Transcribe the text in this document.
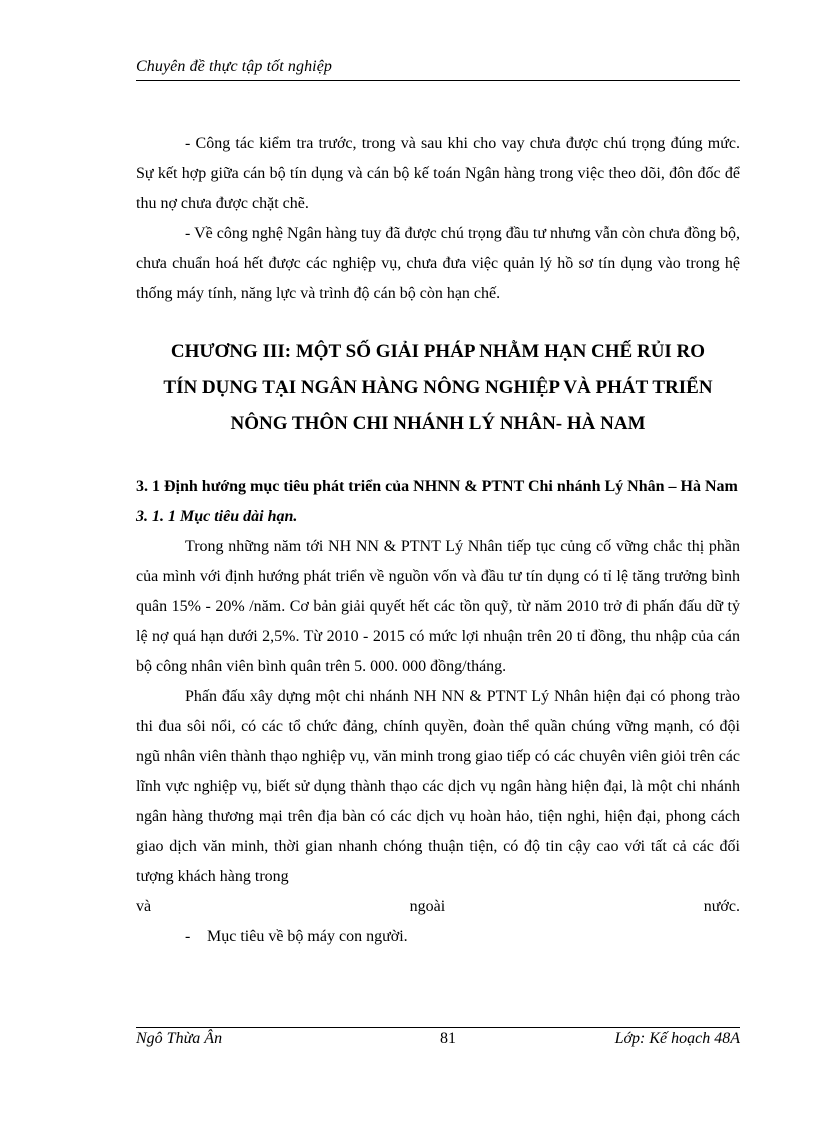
Chuyên đề thực tập tốt nghiệp

- Công tác kiểm tra trước, trong và sau khi cho vay chưa được chú trọng đúng mức. Sự kết hợp giữa cán bộ tín dụng và cán bộ kế toán Ngân hàng trong việc theo dõi, đôn đốc để thu nợ chưa được chặt chẽ.

- Về công nghệ Ngân hàng tuy đã được chú trọng đầu tư nhưng vẫn còn chưa đồng bộ, chưa chuẩn hoá hết được các nghiệp vụ, chưa đưa việc quản lý hồ sơ tín dụng vào trong hệ thống máy tính, năng lực và trình độ cán bộ còn hạn chế.

CHƯƠNG III: MỘT SỐ GIẢI PHÁP NHẰM HẠN CHẾ RỦI RO
TÍN DỤNG TẠI NGÂN HÀNG NÔNG NGHIỆP VÀ PHÁT TRIỂN
NÔNG THÔN CHI NHÁNH LÝ NHÂN- HÀ NAM
3. 1 Định hướng mục tiêu phát triển của NHNN & PTNT Chi nhánh Lý Nhân – Hà Nam
3. 1. 1 Mục tiêu dài hạn.

Trong những năm tới NH NN & PTNT Lý Nhân tiếp tục củng cố vững chắc thị phần của mình với định hướng phát triển về nguồn vốn và đầu tư tín dụng có tỉ lệ tăng trưởng bình quân 15% - 20% /năm. Cơ bản giải quyết hết các tồn quỹ, từ năm 2010 trở đi phấn đấu dữ tỷ lệ nợ quá hạn dưới 2,5%. Từ 2010 - 2015 có mức lợi nhuận trên 20 tỉ đồng, thu nhập của cán bộ công nhân viên bình quân trên 5. 000. 000 đồng/tháng.

Phấn đấu xây dựng một chi nhánh NH NN & PTNT Lý Nhân hiện đại có phong trào thi đua sôi nổi, có các tổ chức đảng, chính quyền, đoàn thể quần chúng vững mạnh, có đội ngũ nhân viên thành thạo nghiệp vụ, văn minh trong giao tiếp có các chuyên viên giỏi trên các lĩnh vực nghiệp vụ, biết sử dụng thành thạo các dịch vụ ngân hàng hiện đại, là một chi nhánh ngân hàng thương mại trên địa bàn có các dịch vụ hoàn hảo, tiện nghi, hiện đại, phong cách giao dịch văn minh, thời gian nhanh chóng thuận tiện, có độ tin cậy cao với tất cả các đối tượng khách hàng trong

và	ngoài	nước.
- Mục tiêu về bộ máy con người.
Ngô Thừa Ân	81	Lớp: Kế hoạch 48A
